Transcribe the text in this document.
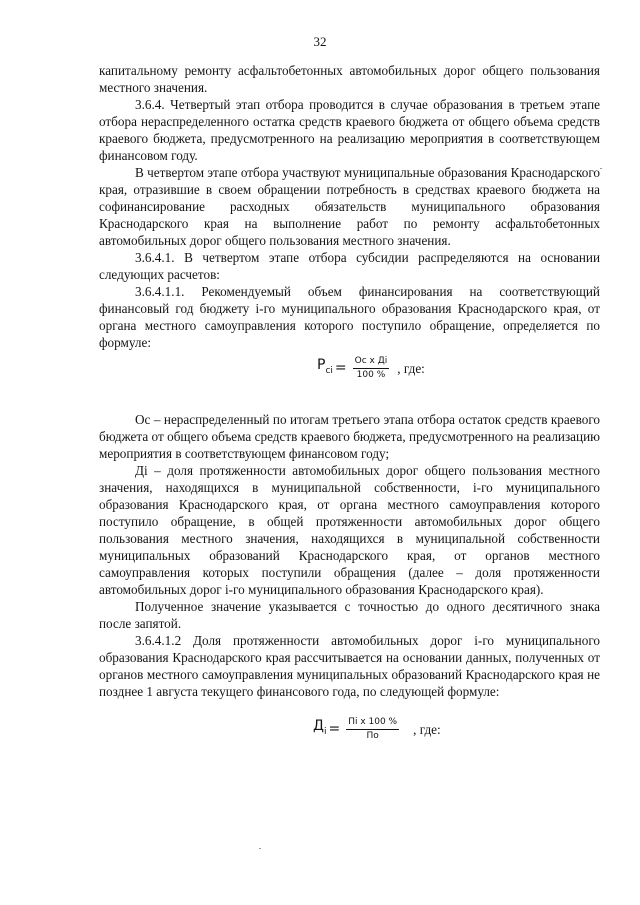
32

капитальному ремонту асфальтобетонных автомобильных дорог общего пользования местного значения.

3.6.4. Четвертый этап отбора проводится в случае образования в третьем этапе отбора нераспределенного остатка средств краевого бюджета от общего объема средств краевого бюджета, предусмотренного на реализацию мероприятия в соответствующем финансовом году.

В четвертом этапе отбора участвуют муниципальные образования Краснодарского края, отразившие в своем обращении потребность в средствах краевого бюджета на софинансирование расходных обязательств муниципального образования Краснодарского края на выполнение работ по ремонту асфальтобетонных автомобильных дорог общего пользования местного значения.

3.6.4.1. В четвертом этапе отбора субсидии распределяются на основании следующих расчетов:

3.6.4.1.1. Рекомендуемый объем финансирования на соответствующий финансовый год бюджету i-го муниципального образования Краснодарского края, от органа местного самоуправления которого поступило обращение, определяется по формуле:

$P_{ci} = \frac{\text{Oс x Дi}}{100 \%}$ , где:

Ос – нераспределенный по итогам третьего этапа отбора остаток средств краевого бюджета от общего объема средств краевого бюджета, предусмотренного на реализацию мероприятия в соответствующем финансовом году;

Дi – доля протяженности автомобильных дорог общего пользования местного значения, находящихся в муниципальной собственности, i-го муниципального образования Краснодарского края, от органа местного самоуправления которого поступило обращение, в общей протяженности автомобильных дорог общего пользования местного значения, находящихся в муниципальной собственности муниципальных образований Краснодарского края, от органов местного самоуправления которых поступили обращения (далее – доля протяженности автомобильных дорог i-го муниципального образования Краснодарского края).

Полученное значение указывается с точностью до одного десятичного знака после запятой.

3.6.4.1.2 Доля протяженности автомобильных дорог i-го муниципального образования Краснодарского края рассчитывается на основании данных, полученных от органов местного самоуправления муниципальных образований Краснодарского края не позднее 1 августа текущего финансового года, по следующей формуле:

$Д_i = \frac{\text{Пi x 100 \%}}{По}$ , где:
